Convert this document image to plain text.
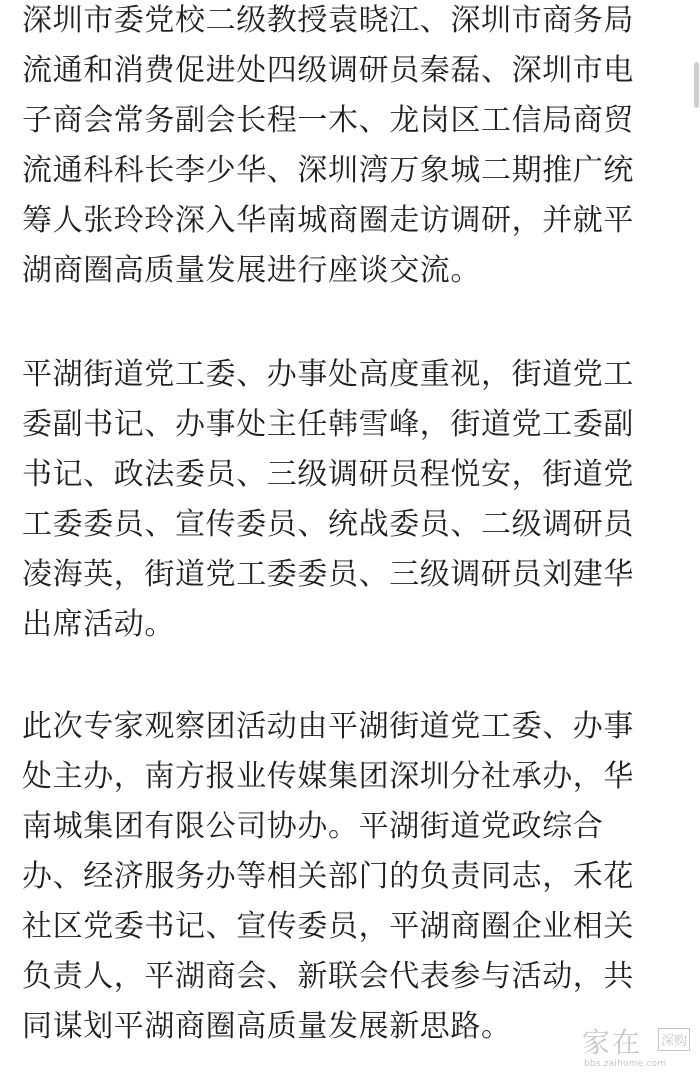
深圳市委党校二级教授袁晓江、深圳市商务局
流通和消费促进处四级调研员秦磊、深圳市电
子商会常务副会长程一木、龙岗区工信局商贸
流通科科长李少华、深圳湾万象城二期推广统
筹人张玲玲深入华南城商圈走访调研，并就平
湖商圈高质量发展进行座谈交流。
平湖街道党工委、办事处高度重视，街道党工
委副书记、办事处主任韩雪峰，街道党工委副
书记、政法委员、三级调研员程悦安，街道党
工委委员、宣传委员、统战委员、二级调研员
凌海英，街道党工委委员、三级调研员刘建华
出席活动。
此次专家观察团活动由平湖街道党工委、办事
处主办，南方报业传媒集团深圳分社承办，华
南城集团有限公司协办。平湖街道党政综合
办、经济服务办等相关部门的负责同志，禾花
社区党委书记、宣传委员，平湖商圈企业相关
负责人，平湖商会、新联会代表参与活动，共
同谋划平湖商圈高质量发展新思路。	家在 深购
bbs.zaihome.com
